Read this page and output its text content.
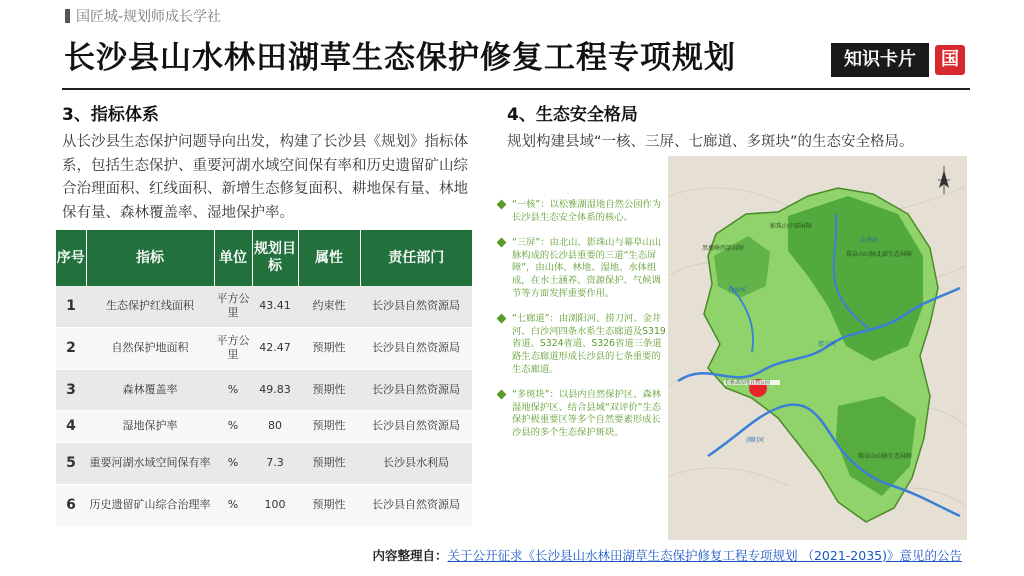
国匠城-规划师成长学社
长沙县山水林田湖草生态保护修复工程专项规划	知识卡片	国
3、指标体系
从长沙县生态保护问题导向出发，构建了长沙县《规划》指标体系，包括生态保护、重要河湖水域空间保有率和历史遗留矿山综合治理面积、红线面积、新增生态修复面积、耕地保有量、林地保有量、森林覆盖率、湿地保护率。
序号	指标	单位	规划目标	属性	责任部门
1	生态保护红线面积	平方公里	43.41	约束性	长沙县自然资源局
2	自然保护地面积	平方公里	42.47	预期性	长沙县自然资源局
3	森林覆盖率	%	49.83	预期性	长沙县自然资源局
4	湿地保护率	%	80	预期性	长沙县自然资源局
5	重要河湖水域空间保有率	%	7.3	预期性	长沙县水利局
6	历史遗留矿山综合治理率	%	100	预期性	长沙县自然资源局
4、生态安全格局
规划构建县域“一核、三屏、七廊道、多斑块”的生态安全格局。
“一核”：以松雅湖湿地自然公园作为长沙县生态安全体系的核心。
“三屏”：由北山、影珠山与幕阜山山脉构成的长沙县重要的三道“生态屏障”，由山体、林地、湿地、水体组成，在水土涵养、资源保护、气候调节等方面发挥重要作用。
“七廊道”：由浏阳河、捞刀河、金井河、白沙河四条水系生态廊道及S319省道、S324省道、S326省道三条道路生态廊道形成长沙县的七条重要的生态廊道。
“多斑块”：以县内自然保护区、森林湿地保护区、结合县域“双评价”生态保护极重要区等多个自然要素形成长沙县的多个生态保护斑块。
黑麋峰西部屏障
影珠山中部屏障
金井河
幕阜山山脉北部生态屏障
捞刀河
白沙河
松雅湖湿地自然公园
浏阳河
幕阜山山脉生态屏障
内容整理自：关于公开征求《长沙县山水林田湖草生态保护修复工程专项规划 （2021-2035)》意见的公告
